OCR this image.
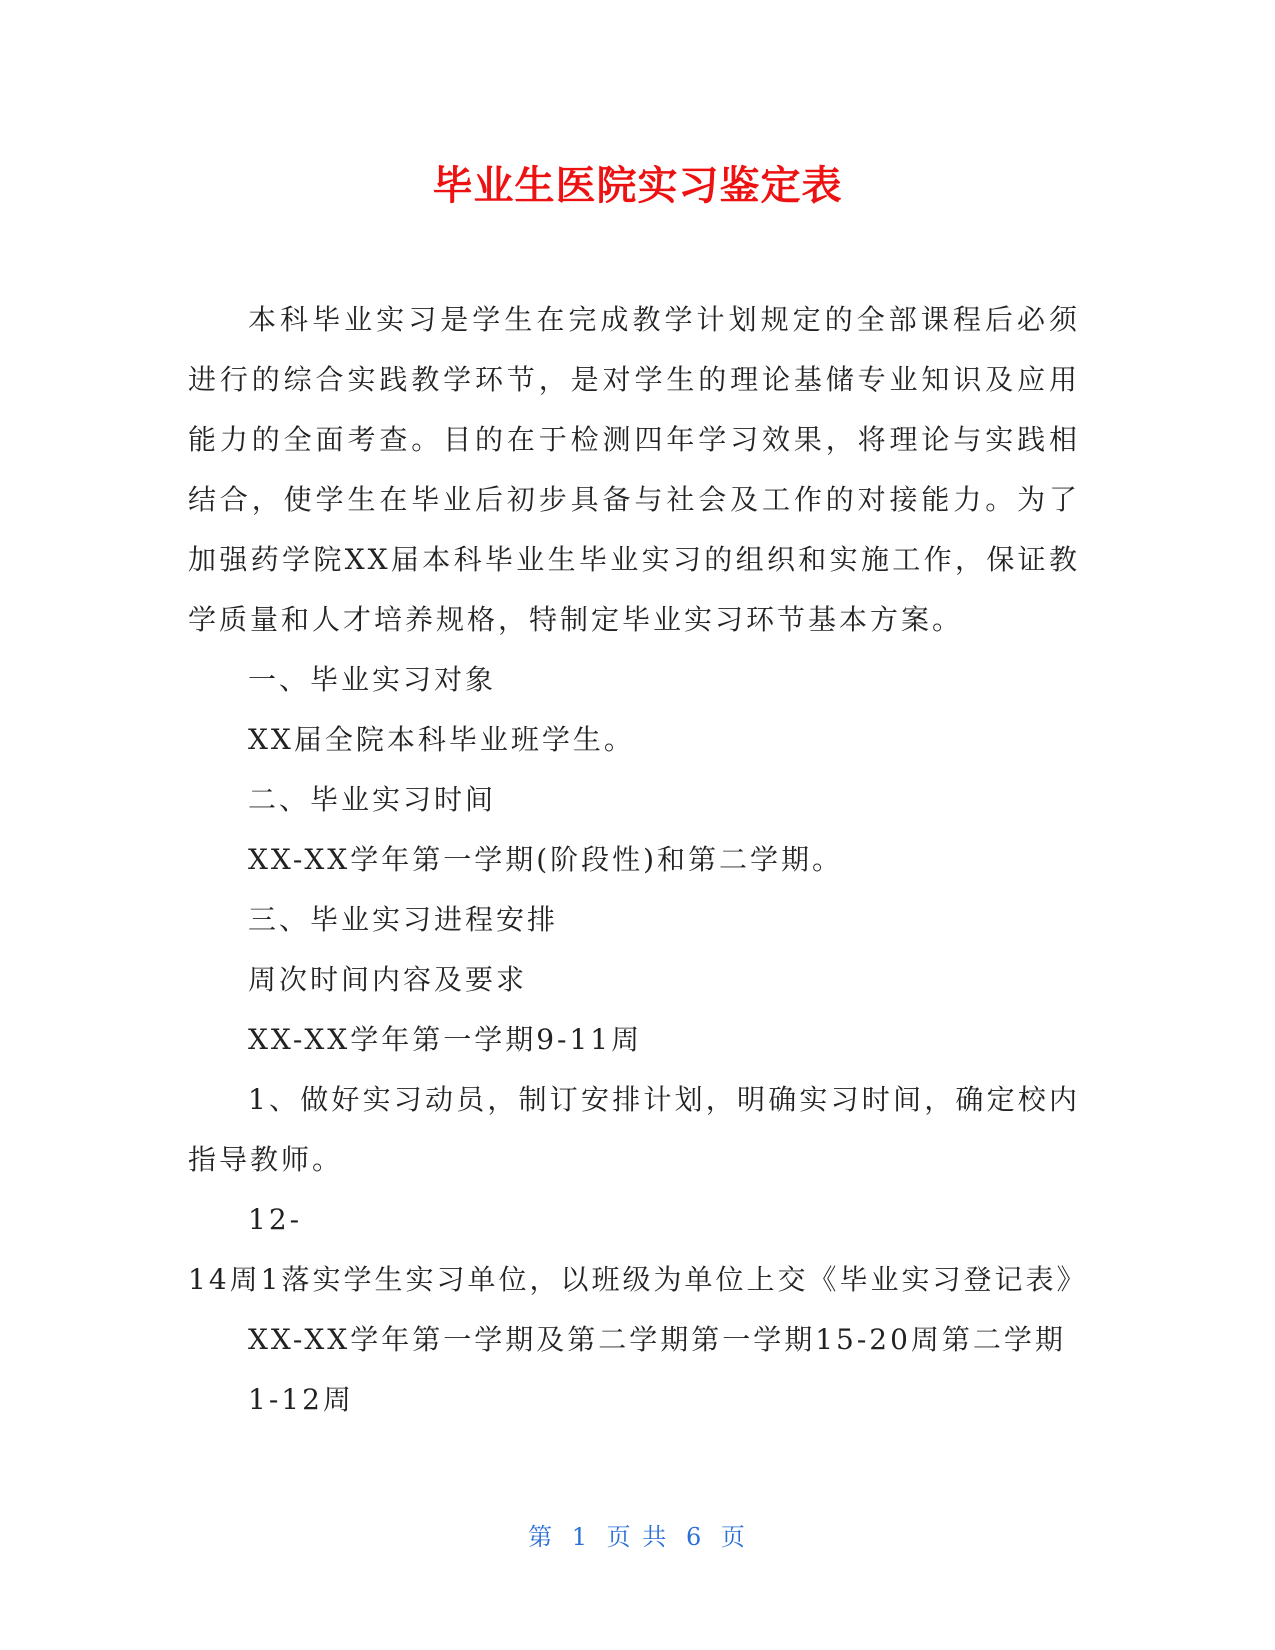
毕业生医院实习鉴定表

本科毕业实习是学生在完成教学计划规定的全部课程后必须进行的综合实践教学环节，是对学生的理论基储专业知识及应用能力的全面考查。目的在于检测四年学习效果，将理论与实践相结合，使学生在毕业后初步具备与社会及工作的对接能力。为了加强药学院XX届本科毕业生毕业实习的组织和实施工作，保证教学质量和人才培养规格，特制定毕业实习环节基本方案。

一、毕业实习对象

XX届全院本科毕业班学生。

二、毕业实习时间

XX-XX学年第一学期(阶段性)和第二学期。

三、毕业实习进程安排

周次时间内容及要求

XX-XX学年第一学期9-11周

1、做好实习动员，制订安排计划，明确实习时间，确定校内指导教师。

12-

14周1落实学生实习单位，以班级为单位上交《毕业实习登记表》

XX-XX学年第一学期及第二学期第一学期15-20周第二学期

1-12周

第 1 页 共 6 页
